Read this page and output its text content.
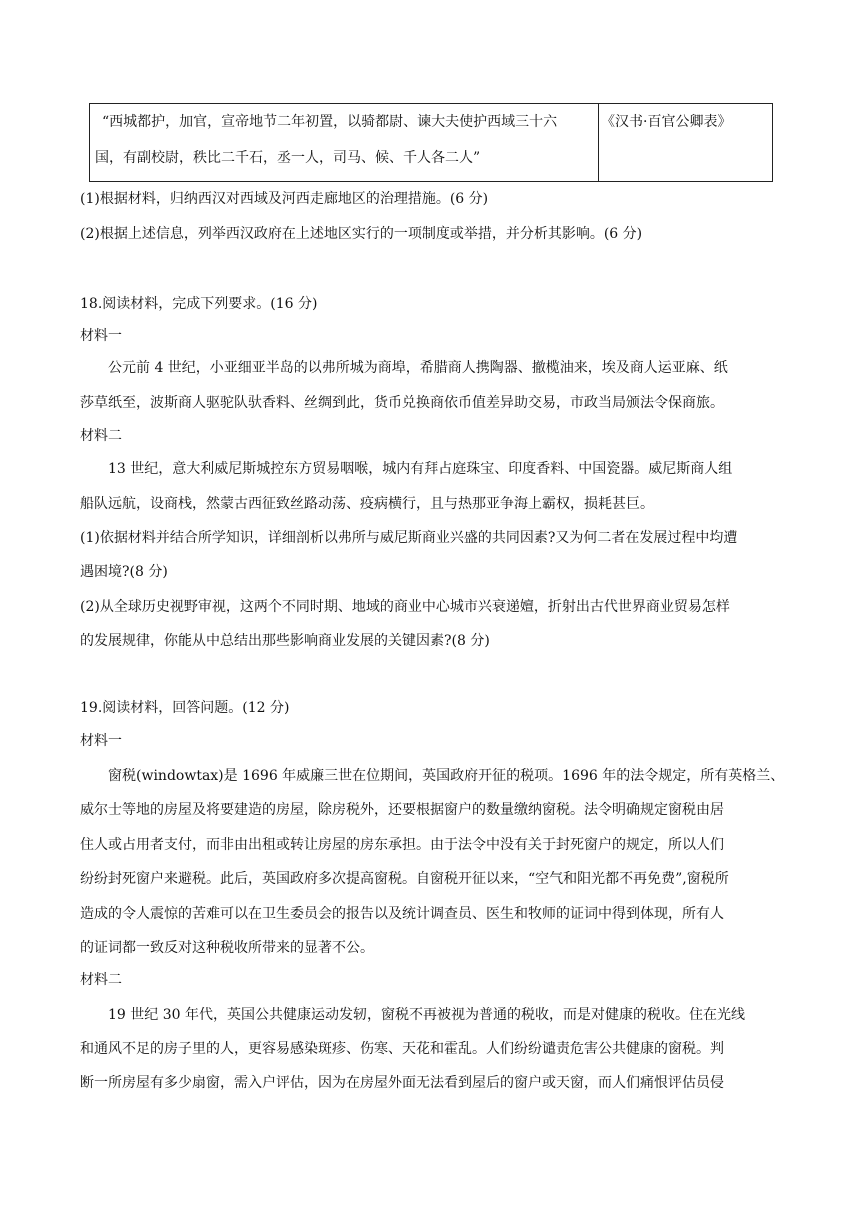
“西城都护，加官，宣帝地节二年初置，以骑都尉、谏大夫使护西域三十六
国，有副校尉，秩比二千石，丞一人，司马、候、千人各二人”
	《汉书·百官公卿表》
(1)根据材料，归纳西汉对西域及河西走廊地区的治理措施。(6 分)
(2)根据上述信息，列举西汉政府在上述地区实行的一项制度或举措，并分析其影响。(6 分)
18.阅读材料，完成下列要求。(16 分)
材料一
公元前 4 世纪，小亚细亚半岛的以弗所城为商埠，希腊商人携陶器、撤榄油来，埃及商人运亚麻、纸
莎草纸至，波斯商人驱驼队驮香料、丝绸到此，货币兑换商依币值差异助交易，市政当局颁法令保商旅。
材料二
13 世纪，意大利威尼斯城控东方贸易咽喉，城内有拜占庭珠宝、印度香料、中国瓷器。威尼斯商人组
船队远航，设商栈，然蒙古西征致丝路动荡、疫病横行，且与热那亚争海上霸权，损耗甚巨。
(1)依据材料并结合所学知识，详细剖析以弗所与威尼斯商业兴盛的共同因素?又为何二者在发展过程中均遭
遇困境?(8 分)
(2)从全球历史视野审视，这两个不同时期、地域的商业中心城市兴衰递嬗，折射出古代世界商业贸易怎样
的发展规律，你能从中总结出那些影响商业发展的关键因素?(8 分)
19.阅读材料，回答问题。(12 分)
材料一
窗税(windowtax)是 1696 年威廉三世在位期间，英国政府开征的税项。1696 年的法令规定，所有英格兰、
威尔士等地的房屋及将要建造的房屋，除房税外，还要根据窗户的数量缴纳窗税。法令明确规定窗税由居
住人或占用者支付，而非由出租或转让房屋的房东承担。由于法令中没有关于封死窗户的规定，所以人们
纷纷封死窗户来避税。此后，英国政府多次提高窗税。自窗税开征以来，“空气和阳光都不再免费”,窗税所
造成的令人震惊的苦难可以在卫生委员会的报告以及统计调查员、医生和牧师的证词中得到体现，所有人
的证词都一致反对这种税收所带来的显著不公。
材料二
19 世纪 30 年代，英国公共健康运动发轫，窗税不再被视为普通的税收，而是对健康的税收。住在光线
和通风不足的房子里的人，更容易感染斑疹、伤寒、天花和霍乱。人们纷纷谴责危害公共健康的窗税。判
断一所房屋有多少扇窗，需入户评估，因为在房屋外面无法看到屋后的窗户或天窗，而人们痛恨评估员侵
